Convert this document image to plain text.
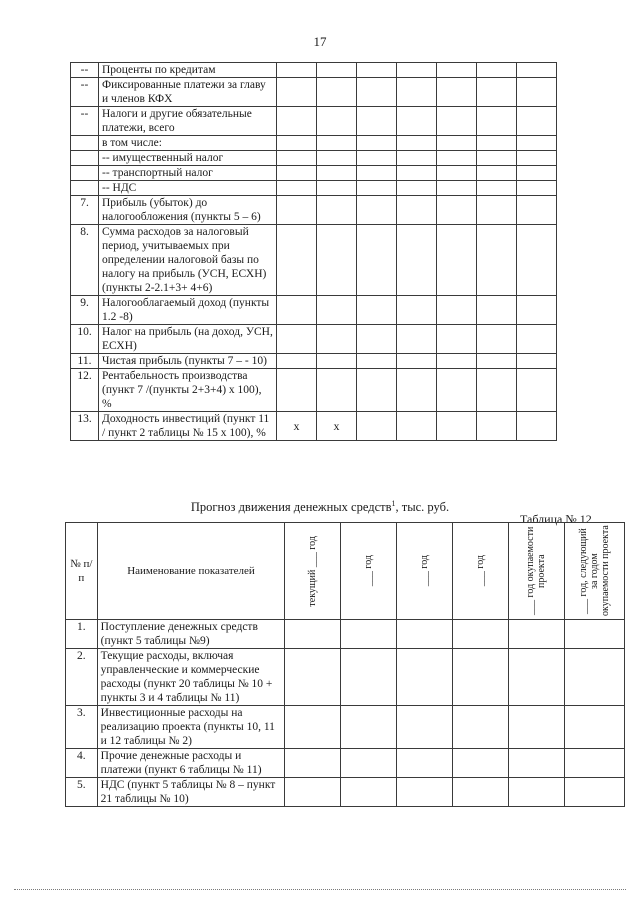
17
--	Проценты по кредитам							
--	Фиксированные платежи за главу и членов КФХ							
--	Налоги и другие обязательные платежи, всего							
	в том числе:							
	-- имущественный налог							
	-- транспортный налог							
	-- НДС							
7.	Прибыль (убыток) до налогообложения (пункты 5 – 6)							
8.	Сумма расходов за налоговый период, учитываемых при определении налоговой базы по налогу на прибыль (УСН, ЕСХН) (пункты 2-2.1+3+ 4+6)							
9.	Налогооблагаемый доход (пункты 1.2 -8)							
10.	Налог на прибыль (на доход, УСН, ЕСХН)							
11.	Чистая прибыль (пункты 7 – - 10)							
12.	Рентабельность производства (пункт 7 /(пункты 2+3+4) х 100), %							
13.	Доходность инвестиций (пункт 11 / пункт 2 таблицы № 15 х 100), %	х	х					
Прогноз движения денежных средств$^1$, тыс. руб.
Таблица № 12
№ п/п	Наименование показателей	текущий ___ год	___ год	___ год	___ год	___ год окупаемости проекта	___ год, следующий за годом окупаемости проекта

1.	Поступление денежных средств (пункт 5 таблицы №9)						
2.	Текущие расходы, включая управленческие и коммерческие расходы (пункт 20 таблицы № 10 + пункты 3 и 4 таблицы № 11)						
3.	Инвестиционные расходы на реализацию проекта (пункты 10, 11 и 12 таблицы № 2)						
4.	Прочие денежные расходы и платежи (пункт 6 таблицы № 11)						
5.	НДС (пункт 5 таблицы № 8 – пункт 21 таблицы № 10)						
